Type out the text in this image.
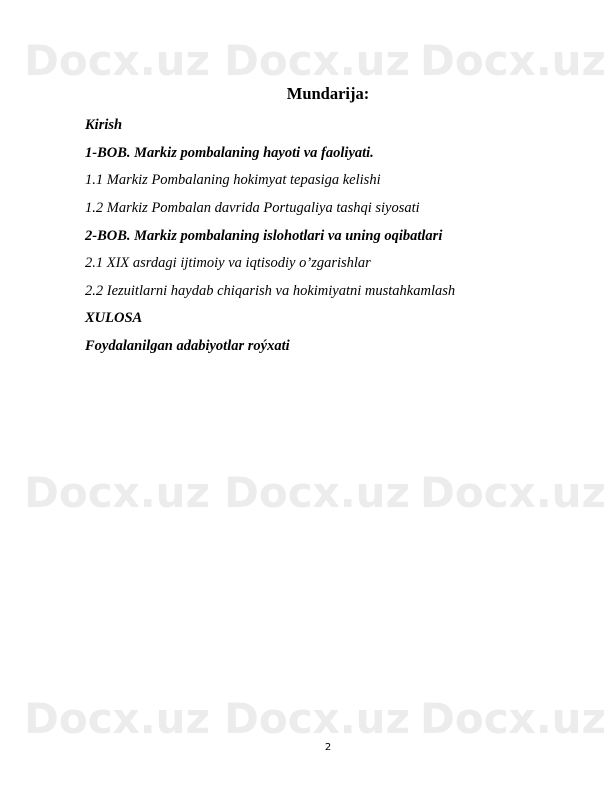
Docx.uz Docx.uz Docx.uz
Docx.uz Docx.uz Docx.uz
Docx.uz Docx.uz Docx.uz
Mundarija:
Kirish
1-BOB. Markiz pombalaning hayoti va faoliyati.
1.1 Markiz Pombalaning hokimyat tepasiga kelishi
1.2 Markiz Pombalan davrida Portugaliya tashqi siyosati
2-BOB. Markiz pombalaning islohotlari va uning oqibatlari
2.1 XIX asrdagi ijtimoiy va iqtisodiy o’zgarishlar
2.2 Iezuitlarni haydab chiqarish va hokimiyatni mustahkamlash
XULOSA
Foydalanilgan adabiyotlar roýxati
2
